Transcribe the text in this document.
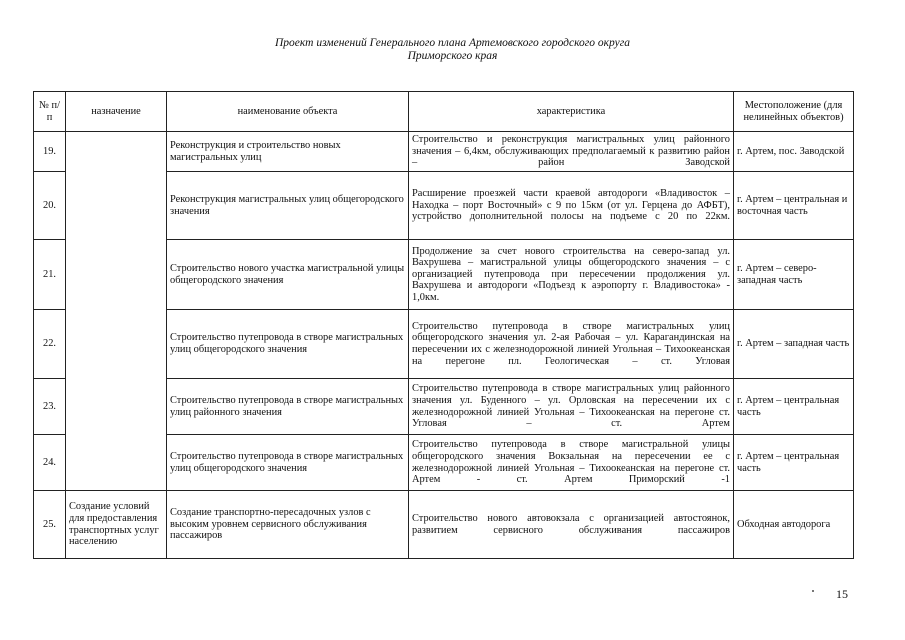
Проект изменений Генерального плана Артемовского городского округа
Приморского края
№ п/п	назначение	наименование объекта	характеристика	Местоположение (для нелинейных объектов)
19.		Реконструкция и строительство новых магистральных улиц	Строительство и реконструкция магистральных улиц районного значения – 6,4км, обслуживающих предполагаемый к развитию район – район Заводской	г. Артем, пос. Заводской
20.		Реконструкция магистральных улиц общегородского значения	Расширение проезжей части краевой автодороги «Владивосток – Находка – порт Восточный» с 9 по 15км (от ул. Герцена до АФБТ), устройство дополнительной полосы на подъеме с 20 по 22км.	г. Артем – центральная и восточная часть
21.		Строительство нового участка магистральной улицы общегородского значения	Продолжение за счет нового строительства на северо-запад ул. Вахрушева – магистральной улицы общегородского значения – с организацией путепровода при пересечении продолжения ул. Вахрушева и автодороги «Подъезд к аэропорту г. Владивостока» - 1,0км.	г. Артем – северо-западная часть
22.		Строительство путепровода в створе магистральных улиц общегородского значения	Строительство путепровода в створе магистральных улиц общегородского значения ул. 2-ая Рабочая – ул. Карагандинская на пересечении их с железнодорожной линией Угольная – Тихоокеанская на перегоне пл. Геологическая – ст. Угловая	г. Артем – западная часть
23.		Строительство путепровода в створе магистральных улиц районного значения	Строительство путепровода в створе магистральных улиц районного значения ул. Буденного – ул. Орловская на пересечении их с железнодорожной линией Угольная – Тихоокеанская на перегоне ст. Угловая – ст. Артем	г. Артем – центральная часть
24.		Строительство путепровода в створе магистральных улиц общегородского значения	Строительство путепровода в створе магистральной улицы общегородского значения Вокзальная на пересечении ее с железнодорожной линией Угольная – Тихоокеанская на перегоне ст. Артем - ст. Артем Приморский -1	г. Артем – центральная часть
25.	Создание условий для предоставления транспортных услуг населению	Создание транспортно-пересадочных узлов с высоким уровнем сервисного обслуживания пассажиров	Строительство нового автовокзала с организацией автостоянок, развитием сервисного обслуживания пассажиров	Обходная автодорога
15
